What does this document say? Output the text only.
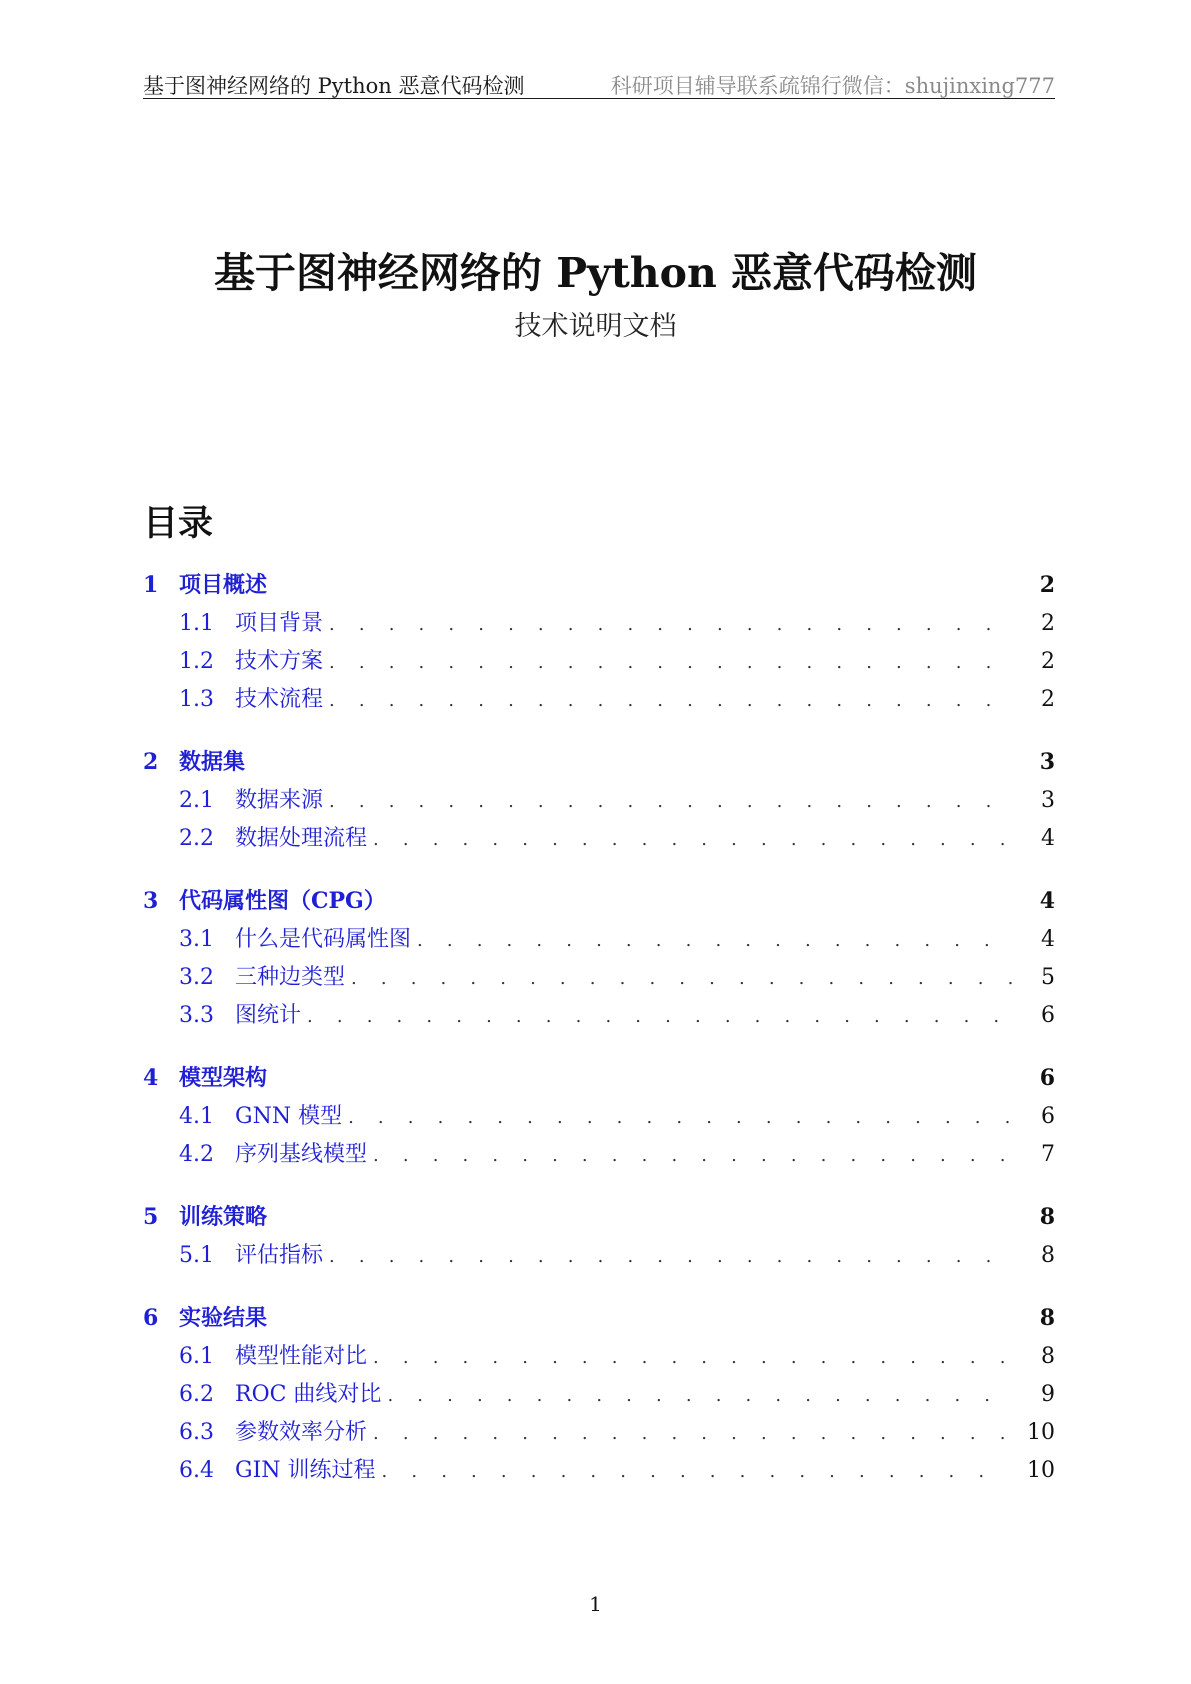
基于图神经网络的 Python 恶意代码检测	科研项目辅导联系疏锦行微信：shujinxing777
基于图神经网络的 Python 恶意代码检测
技术说明文档
目录
1 项目概述	2
1.1 项目背景 . . .	2
1.2 技术方案 . . .	2
1.3 技术流程 . . .	2
2 数据集	3
2.1 数据来源 . . .	3
2.2 数据处理流程 . . .	4
3 代码属性图（CPG）	4
3.1 什么是代码属性图 . . .	4
3.2 三种边类型 . . .	5
3.3 图统计 . . .	6
4 模型架构	6
4.1 GNN 模型 . . .	6
4.2 序列基线模型 . . .	7
5 训练策略	8
5.1 评估指标 . . .	8
6 实验结果	8
6.1 模型性能对比 . . .	8
6.2 ROC 曲线对比 . . .	9
6.3 参数效率分析 . . .	10
6.4 GIN 训练过程 . . .	10
1
